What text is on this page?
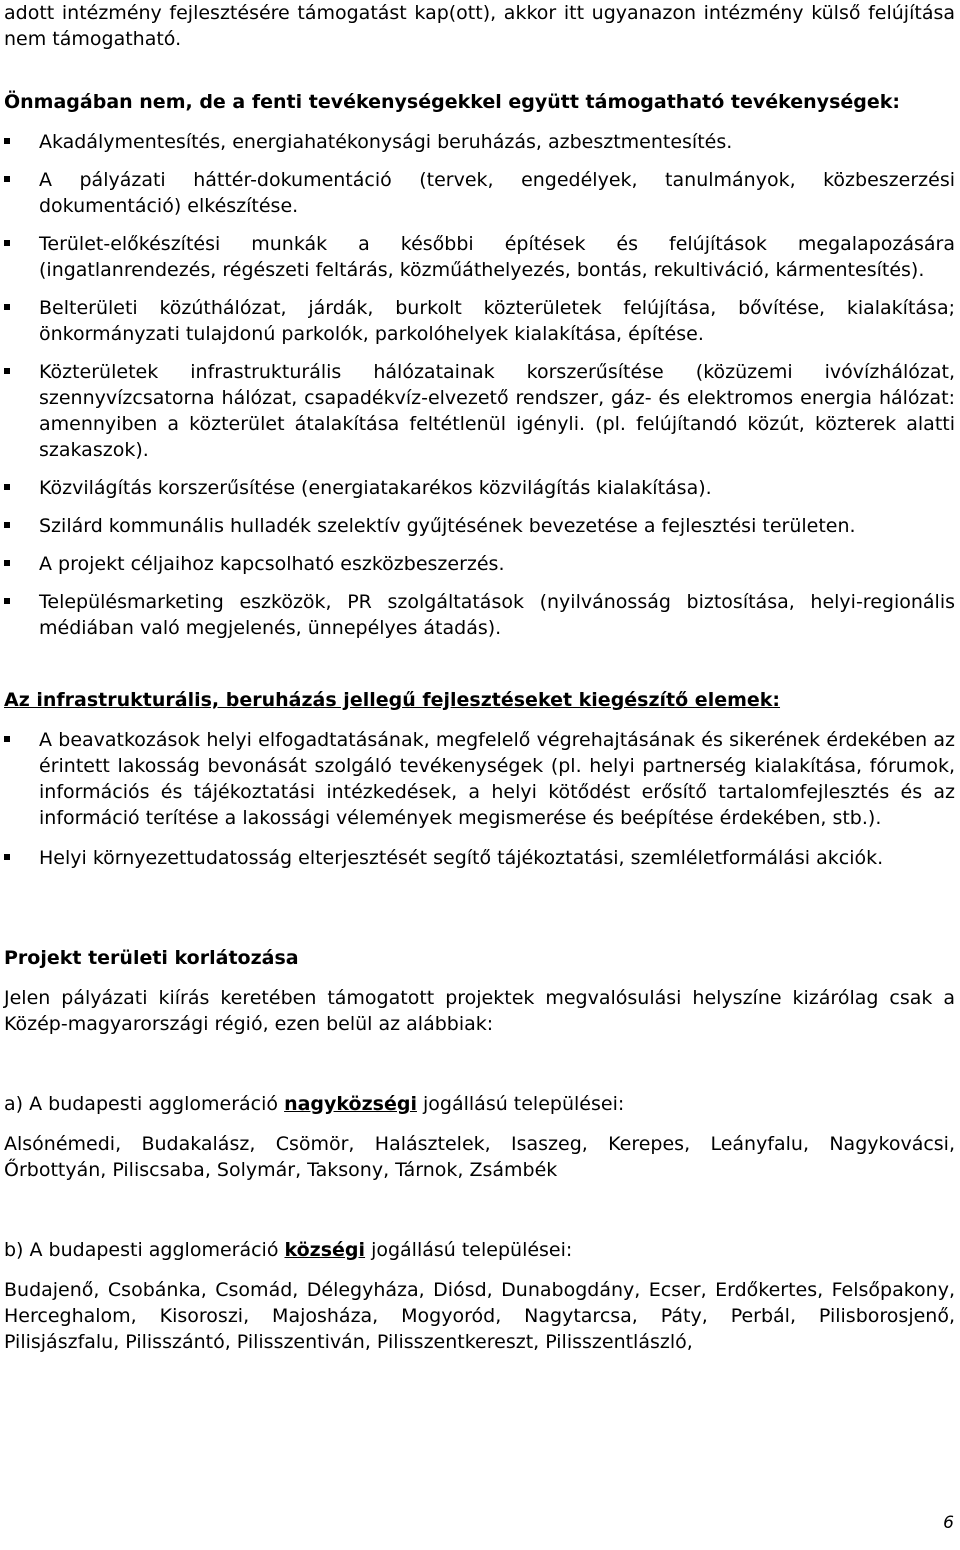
adott intézmény fejlesztésére támogatást kap(ott), akkor itt ugyanazon intézmény külső felújítása nem támogatható.

Önmagában nem, de a fenti tevékenységekkel együtt támogatható tevékenységek:

Akadálymentesítés, energiahatékonysági beruházás, azbesztmentesítés.
A pályázati háttér-dokumentáció (tervek, engedélyek, tanulmányok, közbeszerzési dokumentáció) elkészítése.
Terület-előkészítési munkák a későbbi építések és felújítások megalapozására (ingatlanrendezés, régészeti feltárás, közműáthelyezés, bontás, rekultiváció, kármentesítés).
Belterületi közúthálózat, járdák, burkolt közterületek felújítása, bővítése, kialakítása; önkormányzati tulajdonú parkolók, parkolóhelyek kialakítása, építése.
Közterületek infrastrukturális hálózatainak korszerűsítése (közüzemi ivóvízhálózat, szennyvízcsatorna hálózat, csapadékvíz-elvezető rendszer, gáz- és elektromos energia hálózat: amennyiben a közterület átalakítása feltétlenül igényli. (pl. felújítandó közút, közterek alatti szakaszok).
Közvilágítás korszerűsítése (energiatakarékos közvilágítás kialakítása).
Szilárd kommunális hulladék szelektív gyűjtésének bevezetése a fejlesztési területen.
A projekt céljaihoz kapcsolható eszközbeszerzés.
Településmarketing eszközök, PR szolgáltatások (nyilvánosság biztosítása, helyi-regionális médiában való megjelenés, ünnepélyes átadás).

Az infrastrukturális, beruházás jellegű fejlesztéseket kiegészítő elemek:

A beavatkozások helyi elfogadtatásának, megfelelő végrehajtásának és sikerének érdekében az érintett lakosság bevonását szolgáló tevékenységek (pl. helyi partnerség kialakítása, fórumok, információs és tájékoztatási intézkedések, a helyi kötődést erősítő tartalomfejlesztés és az információ terítése a lakossági vélemények megismerése és beépítése érdekében, stb.).
Helyi környezettudatosság elterjesztését segítő tájékoztatási, szemléletformálási akciók.

Projekt területi korlátozása

Jelen pályázati kiírás keretében támogatott projektek megvalósulási helyszíne kizárólag csak a Közép-magyarországi régió, ezen belül az alábbiak:

a) A budapesti agglomeráció nagyközségi jogállású települései:

Alsónémedi, Budakalász, Csömör, Halásztelek, Isaszeg, Kerepes, Leányfalu, Nagykovácsi, Őrbottyán, Piliscsaba, Solymár, Taksony, Tárnok, Zsámbék

b) A budapesti agglomeráció községi jogállású települései:

Budajenő, Csobánka, Csomád, Délegyháza, Diósd, Dunabogdány, Ecser, Erdőkertes, Felsőpakony, Herceghalom, Kisoroszi, Majosháza, Mogyoród, Nagytarcsa, Páty, Perbál, Pilisborosjenő, Pilisjászfalu, Pilisszántó, Pilisszentiván, Pilisszentkereszt, Pilisszentlászló,

6
